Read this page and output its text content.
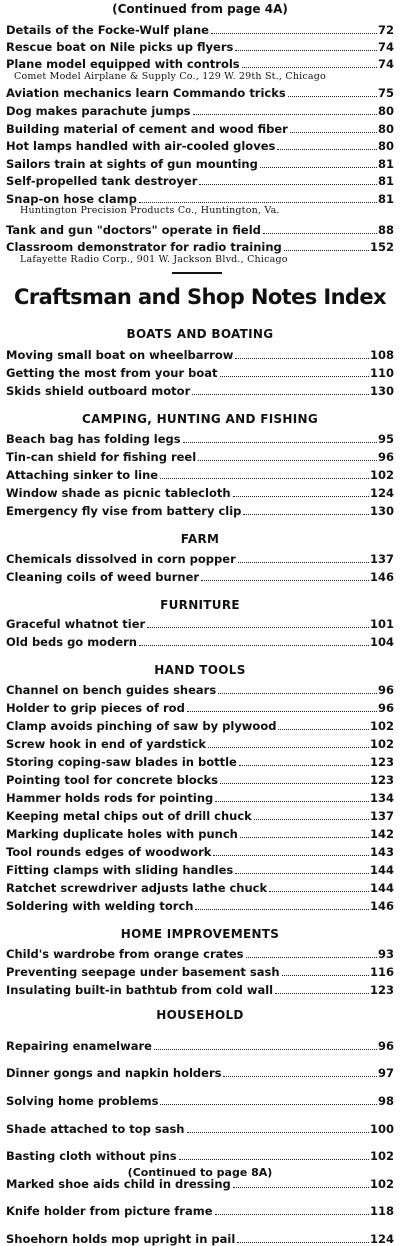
(Continued from page 4A)
Details of the Focke-Wulf plane	72
Rescue boat on Nile picks up flyers	74
Plane model equipped with controls	74
Comet Model Airplane & Supply Co., 129 W. 29th St., Chicago
Aviation mechanics learn Commando tricks	75
Dog makes parachute jumps	80
Building material of cement and wood fiber	80
Hot lamps handled with air-cooled gloves	80
Sailors train at sights of gun mounting	81
Self-propelled tank destroyer	81
Snap-on hose clamp	81
Huntington Precision Products Co., Huntington, Va.
Tank and gun "doctors" operate in field	88
Classroom demonstrator for radio training	152
Lafayette Radio Corp., 901 W. Jackson Blvd., Chicago
Craftsman and Shop Notes Index
BOATS AND BOATING
Moving small boat on wheelbarrow	108
Getting the most from your boat	110
Skids shield outboard motor	130
CAMPING, HUNTING AND FISHING
Beach bag has folding legs	95
Tin-can shield for fishing reel	96
Attaching sinker to line	102
Window shade as picnic tablecloth	124
Emergency fly vise from battery clip	130
FARM
Chemicals dissolved in corn popper	137
Cleaning coils of weed burner	146
FURNITURE
Graceful whatnot tier	101
Old beds go modern	104
HAND TOOLS
Channel on bench guides shears	96
Holder to grip pieces of rod	96
Clamp avoids pinching of saw by plywood	102
Screw hook in end of yardstick	102
Storing coping-saw blades in bottle	123
Pointing tool for concrete blocks	123
Hammer holds rods for pointing	134
Keeping metal chips out of drill chuck	137
Marking duplicate holes with punch	142
Tool rounds edges of woodwork	143
Fitting clamps with sliding handles	144
Ratchet screwdriver adjusts lathe chuck	144
Soldering with welding torch	146
HOME IMPROVEMENTS
Child's wardrobe from orange crates	93
Preventing seepage under basement sash	116
Insulating built-in bathtub from cold wall	123
HOUSEHOLD
Repairing enamelware	96
Dinner gongs and napkin holders	97
Solving home problems	98
Shade attached to top sash	100
Basting cloth without pins	102
Marked shoe aids child in dressing	102
Knife holder from picture frame	118
Shoehorn holds mop upright in pail	124
(Continued to page 8A)
